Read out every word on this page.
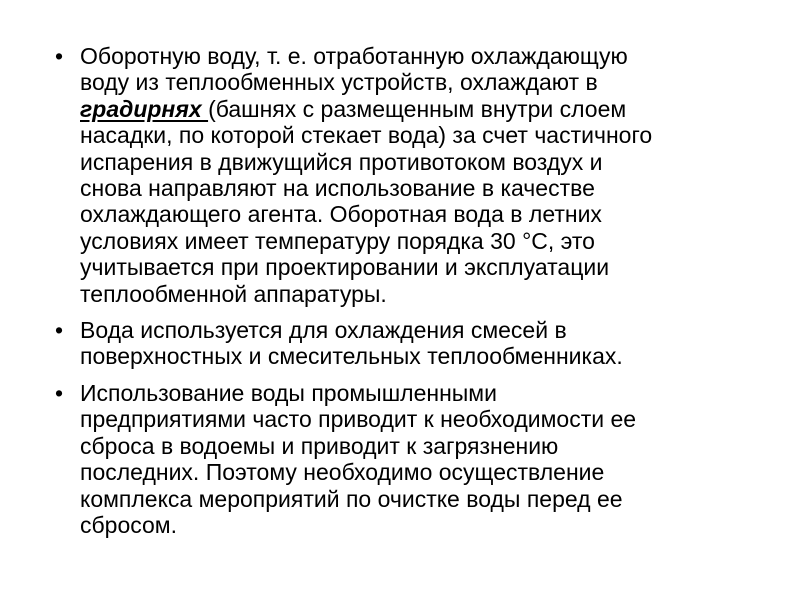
• Оборотную воду, т. е. отработанную охлаждающую
воду из теплообменных устройств, охлаждают в
градирнях (башнях с размещенным внутри слоем
насадки, по которой стекает вода) за счет частичного
испарения в движущийся противотоком воздух и
снова направляют на использование в качестве
охлаждающего агента. Оборотная вода в летних
условиях имеет температуру порядка 30 °С, это
учитывается при проектировании и эксплуатации
теплообменной аппаратуры.
• Вода используется для охлаждения смесей в
поверхностных и смесительных теплообменниках.
• Использование воды промышленными
предприятиями часто приводит к необходимости ее
сброса в водоемы и приводит к загрязнению
последних. Поэтому необходимо осуществление
комплекса мероприятий по очистке воды перед ее
сбросом.
